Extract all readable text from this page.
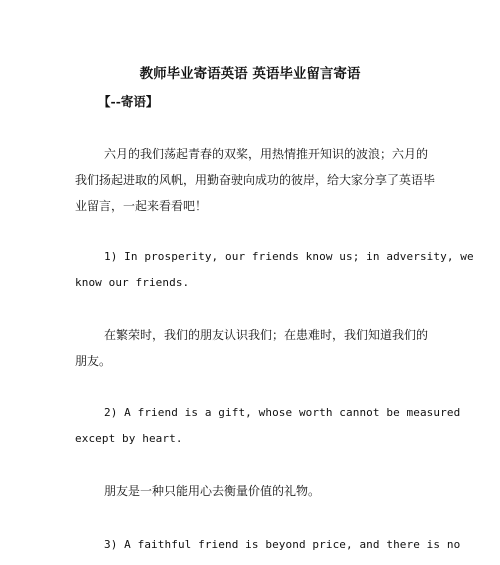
教师毕业寄语英语 英语毕业留言寄语
【--寄语】
六月的我们荡起青春的双桨，用热情推开知识的波浪；六月的
我们扬起进取的风帆，用勤奋驶向成功的彼岸，给大家分享了英语毕
业留言，一起来看看吧！
1) In prosperity, our friends know us; in adversity, we
know our friends.
在繁荣时，我们的朋友认识我们；在患难时，我们知道我们的
朋友。
2) A friend is a gift, whose worth cannot be measured
except by heart.
朋友是一种只能用心去衡量价值的礼物。
3) A faithful friend is beyond price, and there is no
